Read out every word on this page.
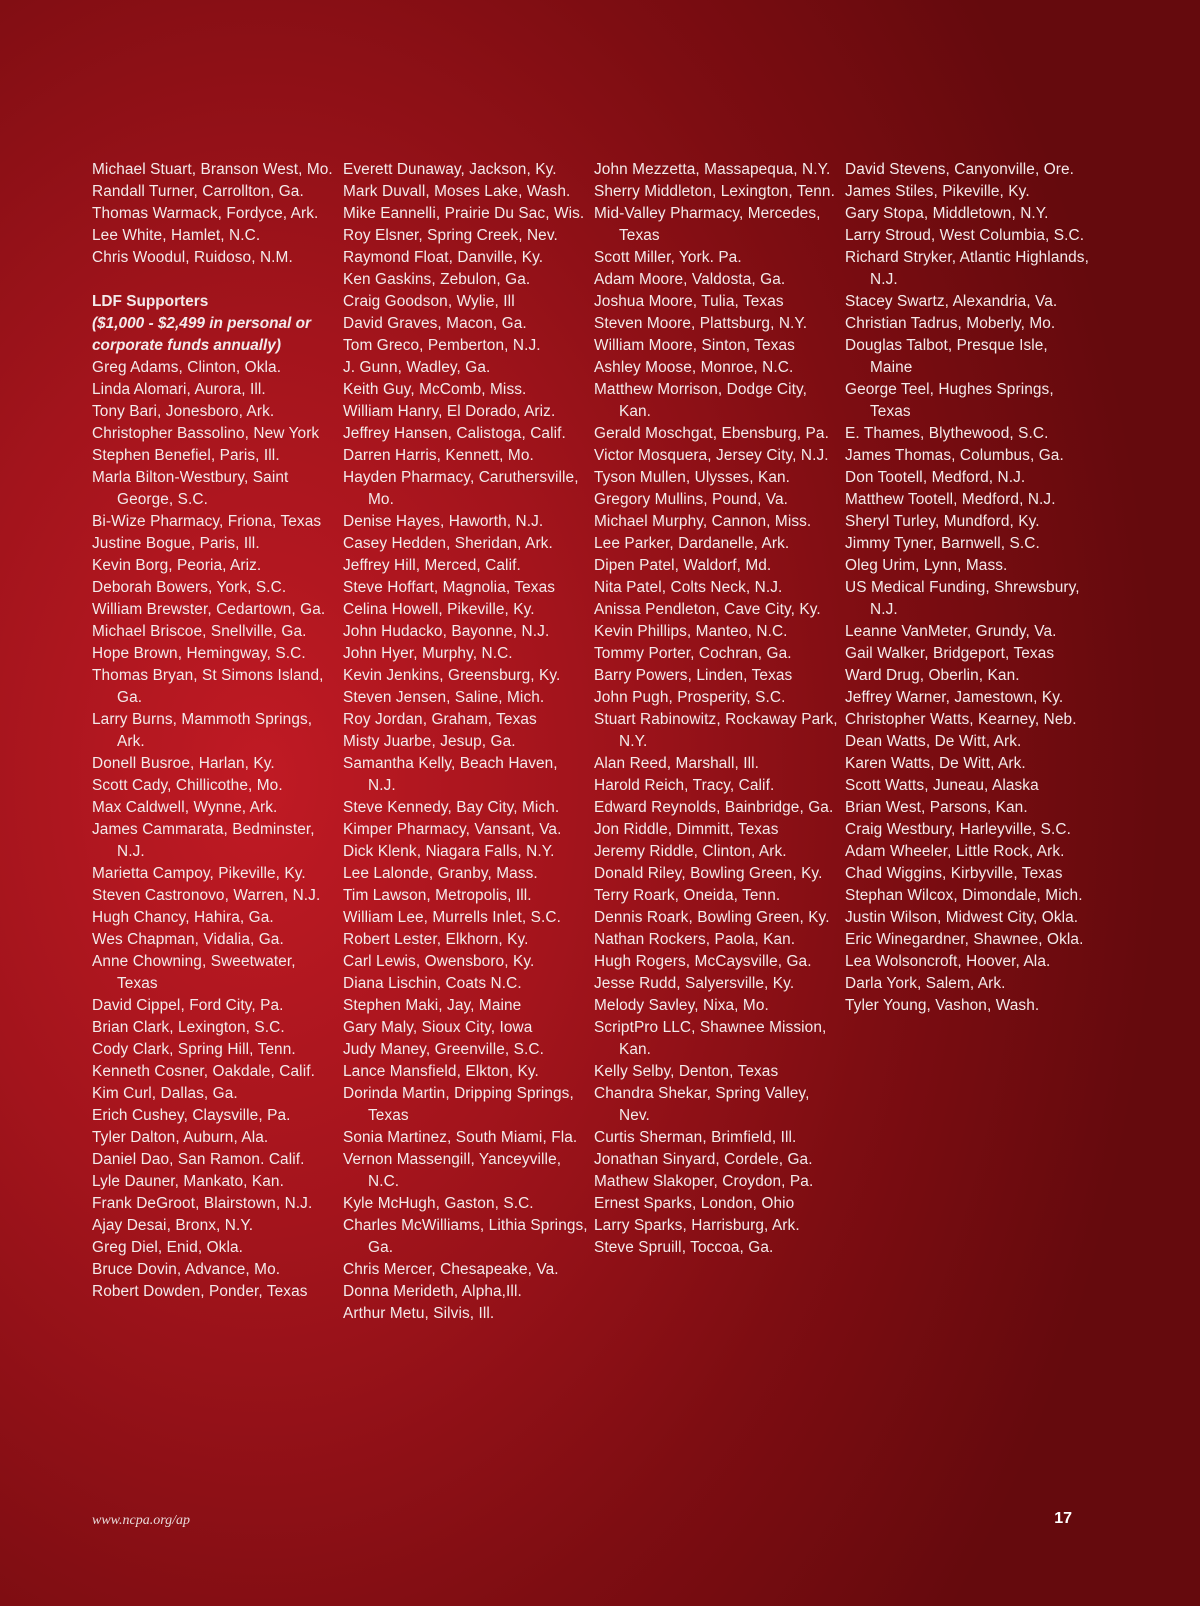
Michael Stuart, Branson West, Mo.
Randall Turner, Carrollton, Ga.
Thomas Warmack, Fordyce, Ark.
Lee White, Hamlet, N.C.
Chris Woodul, Ruidoso, N.M.
LDF Supporters
($1,000 - $2,499 in personal or corporate funds annually)
Greg Adams, Clinton, Okla.
Linda Alomari, Aurora, Ill.
Tony Bari, Jonesboro, Ark.
Christopher Bassolino, New York
Stephen Benefiel, Paris, Ill.
Marla Bilton-Westbury, Saint George, S.C.
Bi-Wize Pharmacy, Friona, Texas
Justine Bogue, Paris, Ill.
Kevin Borg, Peoria, Ariz.
Deborah Bowers, York, S.C.
William Brewster, Cedartown, Ga.
Michael Briscoe, Snellville, Ga.
Hope Brown, Hemingway, S.C.
Thomas Bryan, St Simons Island, Ga.
Larry Burns, Mammoth Springs, Ark.
Donell Busroe, Harlan, Ky.
Scott Cady, Chillicothe, Mo.
Max Caldwell, Wynne, Ark.
James Cammarata, Bedminster, N.J.
Marietta Campoy, Pikeville, Ky.
Steven Castronovo, Warren, N.J.
Hugh Chancy, Hahira, Ga.
Wes Chapman, Vidalia, Ga.
Anne Chowning, Sweetwater, Texas
David Cippel, Ford City, Pa.
Brian Clark, Lexington, S.C.
Cody Clark, Spring Hill, Tenn.
Kenneth Cosner, Oakdale, Calif.
Kim Curl, Dallas, Ga.
Erich Cushey, Claysville, Pa.
Tyler Dalton, Auburn, Ala.
Daniel Dao, San Ramon. Calif.
Lyle Dauner, Mankato, Kan.
Frank DeGroot, Blairstown, N.J.
Ajay Desai, Bronx, N.Y.
Greg Diel, Enid, Okla.
Bruce Dovin, Advance, Mo.
Robert Dowden, Ponder, Texas
Everett Dunaway, Jackson, Ky.
Mark Duvall, Moses Lake, Wash.
Mike Eannelli, Prairie Du Sac, Wis.
Roy Elsner, Spring Creek, Nev.
Raymond Float, Danville, Ky.
Ken Gaskins, Zebulon, Ga.
Craig Goodson, Wylie, Ill
David Graves, Macon, Ga.
Tom Greco, Pemberton, N.J.
J. Gunn, Wadley, Ga.
Keith Guy, McComb, Miss.
William Hanry, El Dorado, Ariz.
Jeffrey Hansen, Calistoga, Calif.
Darren Harris, Kennett, Mo.
Hayden Pharmacy, Caruthersville, Mo.
Denise Hayes, Haworth, N.J.
Casey Hedden, Sheridan, Ark.
Jeffrey Hill, Merced, Calif.
Steve Hoffart, Magnolia, Texas
Celina Howell, Pikeville, Ky.
John Hudacko, Bayonne, N.J.
John Hyer, Murphy, N.C.
Kevin Jenkins, Greensburg, Ky.
Steven Jensen, Saline, Mich.
Roy Jordan, Graham, Texas
Misty Juarbe, Jesup, Ga.
Samantha Kelly, Beach Haven, N.J.
Steve Kennedy, Bay City, Mich.
Kimper Pharmacy, Vansant, Va.
Dick Klenk, Niagara Falls, N.Y.
Lee Lalonde, Granby, Mass.
Tim Lawson, Metropolis, Ill.
William Lee, Murrells Inlet, S.C.
Robert Lester, Elkhorn, Ky.
Carl Lewis, Owensboro, Ky.
Diana Lischin, Coats N.C.
Stephen Maki, Jay, Maine
Gary Maly, Sioux City, Iowa
Judy Maney, Greenville, S.C.
Lance Mansfield, Elkton, Ky.
Dorinda Martin, Dripping Springs, Texas
Sonia Martinez, South Miami, Fla.
Vernon Massengill, Yanceyville, N.C.
Kyle McHugh, Gaston, S.C.
Charles McWilliams, Lithia Springs, Ga.
Chris Mercer, Chesapeake, Va.
Donna Merideth, Alpha,Ill.
Arthur Metu, Silvis, Ill.
John Mezzetta, Massapequa, N.Y.
Sherry Middleton, Lexington, Tenn.
Mid-Valley Pharmacy, Mercedes, Texas
Scott Miller, York. Pa.
Adam Moore, Valdosta, Ga.
Joshua Moore, Tulia, Texas
Steven Moore, Plattsburg, N.Y.
William Moore, Sinton, Texas
Ashley Moose, Monroe, N.C.
Matthew Morrison, Dodge City, Kan.
Gerald Moschgat, Ebensburg, Pa.
Victor Mosquera, Jersey City, N.J.
Tyson Mullen, Ulysses, Kan.
Gregory Mullins, Pound, Va.
Michael Murphy, Cannon, Miss.
Lee Parker, Dardanelle, Ark.
Dipen Patel, Waldorf, Md.
Nita Patel, Colts Neck, N.J.
Anissa Pendleton, Cave City, Ky.
Kevin Phillips, Manteo, N.C.
Tommy Porter, Cochran, Ga.
Barry Powers, Linden, Texas
John Pugh, Prosperity, S.C.
Stuart Rabinowitz, Rockaway Park, N.Y.
Alan Reed, Marshall, Ill.
Harold Reich, Tracy, Calif.
Edward Reynolds, Bainbridge, Ga.
Jon Riddle, Dimmitt, Texas
Jeremy Riddle, Clinton, Ark.
Donald Riley, Bowling Green, Ky.
Terry Roark, Oneida, Tenn.
Dennis Roark, Bowling Green, Ky.
Nathan Rockers, Paola, Kan.
Hugh Rogers, McCaysville, Ga.
Jesse Rudd, Salyersville, Ky.
Melody Savley, Nixa, Mo.
ScriptPro LLC, Shawnee Mission, Kan.
Kelly Selby, Denton, Texas
Chandra Shekar, Spring Valley, Nev.
Curtis Sherman, Brimfield, Ill.
Jonathan Sinyard, Cordele, Ga.
Mathew Slakoper, Croydon, Pa.
Ernest Sparks, London, Ohio
Larry Sparks, Harrisburg, Ark.
Steve Spruill, Toccoa, Ga.
David Stevens, Canyonville, Ore.
James Stiles, Pikeville, Ky.
Gary Stopa, Middletown, N.Y.
Larry Stroud, West Columbia, S.C.
Richard Stryker, Atlantic Highlands, N.J.
Stacey Swartz, Alexandria, Va.
Christian Tadrus, Moberly, Mo.
Douglas Talbot, Presque Isle, Maine
George Teel, Hughes Springs, Texas
E. Thames, Blythewood, S.C.
James Thomas, Columbus, Ga.
Don Tootell, Medford, N.J.
Matthew Tootell, Medford, N.J.
Sheryl Turley, Mundford, Ky.
Jimmy Tyner, Barnwell, S.C.
Oleg Urim, Lynn, Mass.
US Medical Funding, Shrewsbury, N.J.
Leanne VanMeter, Grundy, Va.
Gail Walker, Bridgeport, Texas
Ward Drug, Oberlin, Kan.
Jeffrey Warner, Jamestown, Ky.
Christopher Watts, Kearney, Neb.
Dean Watts, De Witt, Ark.
Karen Watts, De Witt, Ark.
Scott Watts, Juneau, Alaska
Brian West, Parsons, Kan.
Craig Westbury, Harleyville, S.C.
Adam Wheeler, Little Rock, Ark.
Chad Wiggins, Kirbyville, Texas
Stephan Wilcox, Dimondale, Mich.
Justin Wilson, Midwest City, Okla.
Eric Winegardner, Shawnee, Okla.
Lea Wolsoncroft, Hoover, Ala.
Darla York, Salem, Ark.
Tyler Young, Vashon, Wash.
www.ncpa.org/ap	17
